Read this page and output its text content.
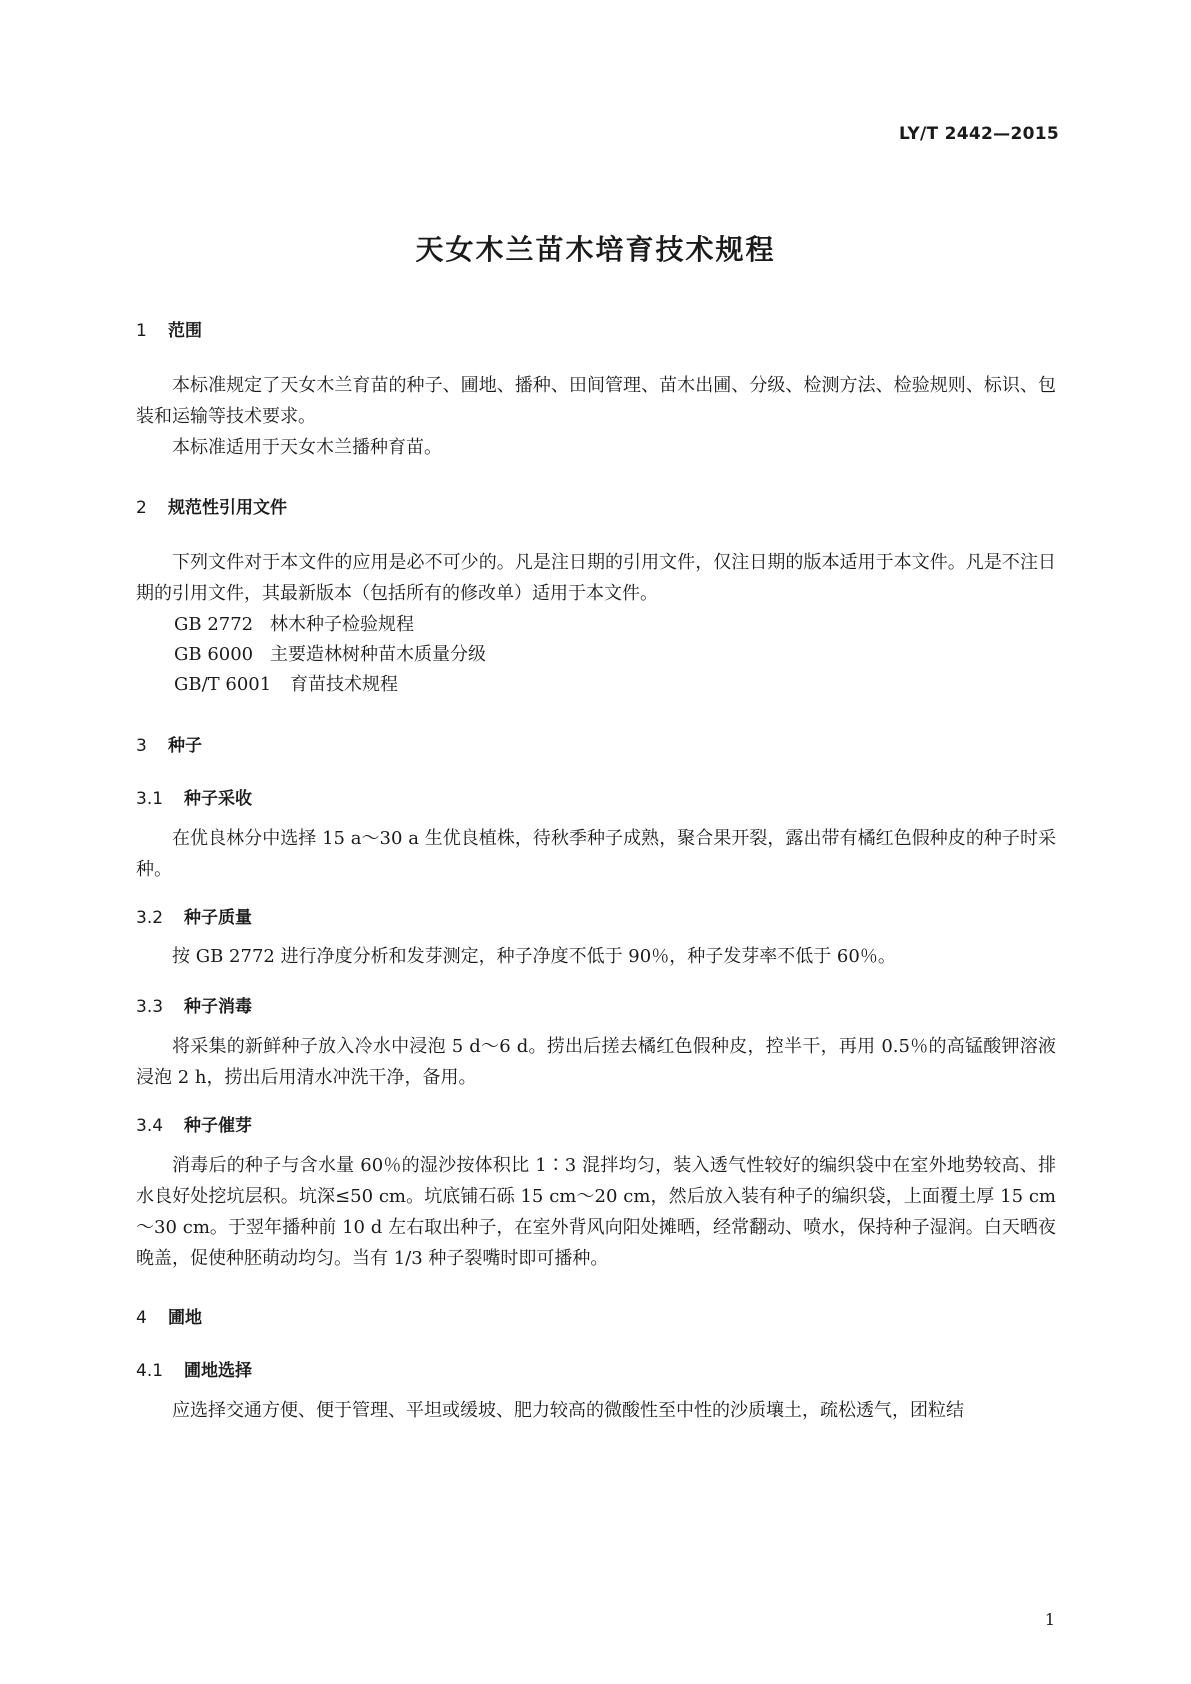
LY/T 2442—2015
天女木兰苗木培育技术规程
1 范围
本标准规定了天女木兰育苗的种子、圃地、播种、田间管理、苗木出圃、分级、检测方法、检验规则、标识、包装和运输等技术要求。
本标准适用于天女木兰播种育苗。
2 规范性引用文件
下列文件对于本文件的应用是必不可少的。凡是注日期的引用文件，仅注日期的版本适用于本文件。凡是不注日期的引用文件，其最新版本（包括所有的修改单）适用于本文件。
GB 2772 林木种子检验规程
GB 6000 主要造林树种苗木质量分级
GB/T 6001 育苗技术规程
3 种子
3.1 种子采收
在优良林分中选择 15 a～30 a 生优良植株，待秋季种子成熟，聚合果开裂，露出带有橘红色假种皮的种子时采种。
3.2 种子质量
按 GB 2772 进行净度分析和发芽测定，种子净度不低于 90％，种子发芽率不低于 60％。
3.3 种子消毒
将采集的新鲜种子放入冷水中浸泡 5 d～6 d。捞出后搓去橘红色假种皮，控半干，再用 0.5％的高锰酸钾溶液浸泡 2 h，捞出后用清水冲洗干净，备用。
3.4 种子催芽
消毒后的种子与含水量 60％的湿沙按体积比 1∶3 混拌均匀，装入透气性较好的编织袋中在室外地势较高、排水良好处挖坑层积。坑深≤50 cm。坑底铺石砾 15 cm～20 cm，然后放入装有种子的编织袋，上面覆土厚 15 cm～30 cm。于翌年播种前 10 d 左右取出种子，在室外背风向阳处摊晒，经常翻动、喷水，保持种子湿润。白天晒夜晚盖，促使种胚萌动均匀。当有 1/3 种子裂嘴时即可播种。
4 圃地
4.1 圃地选择
应选择交通方便、便于管理、平坦或缓坡、肥力较高的微酸性至中性的沙质壤土，疏松透气，团粒结
1
